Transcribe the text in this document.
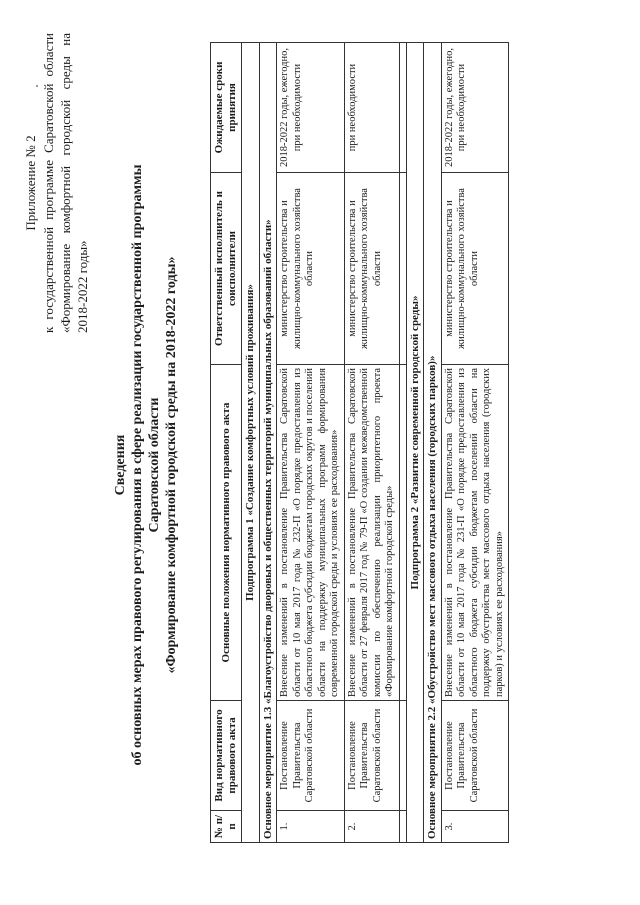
Приложение № 2 к государственной программе Саратовской области «Формирование комфортной городской среды на 2018-2022 годы»
Сведения об основных мерах правового регулирования в сфере реализации государственной программы Саратовской области «Формирование комфортной городской среды на 2018-2022 годы»
№ п/п	Вид нормативного правового акта	Основные положения нормативного правового акта	Ответственный исполнитель и соисполнители	Ожидаемые сроки принятия
Подпрограмма 1 «Создание комфортных условий проживания»				
Основное мероприятие 1.3 «Благоустройство дворовых и общественных территорий муниципальных образований области»				
1.	Постановление Правительства Саратовской области	Внесение изменений в постановление Правительства Саратовской области от 10 мая 2017 года № 232-П «О порядке предоставления из областного бюджета субсидии бюджетам городских округов и поселений области на поддержку муниципальных программ формирования современной городской среды и условиях ее расходования»	министерство строительства и жилищно-коммунального хозяйства области	2018-2022 годы, ежегодно, при необходимости
2.	Постановление Правительства Саратовской области	Внесение изменений в постановление Правительства Саратовской области от 27 февраля 2017 год № 79-П «О создании межведомственной комиссии по обеспечению реализации приоритетного проекта «Формирование комфортной городской среды»	министерство строительства и жилищно-коммунального хозяйства области	при необходимости

Подпрограмма 2 «Развитие современной городской среды»				
Основное мероприятие 2.2 «Обустройство мест массового отдыха населения (городских парков)»				
3.	Постановление Правительства Саратовской области	Внесение изменений в постановление Правительства Саратовской области от 10 мая 2017 года № 231-П «О порядке предоставления из областного бюджета субсидии бюджетам поселений области на поддержку обустройства мест массового отдыха населения (городских парков) и условиях ее расходования»	министерство строительства и жилищно-коммунального хозяйства области	2018-2022 годы, ежегодно, при необходимости
